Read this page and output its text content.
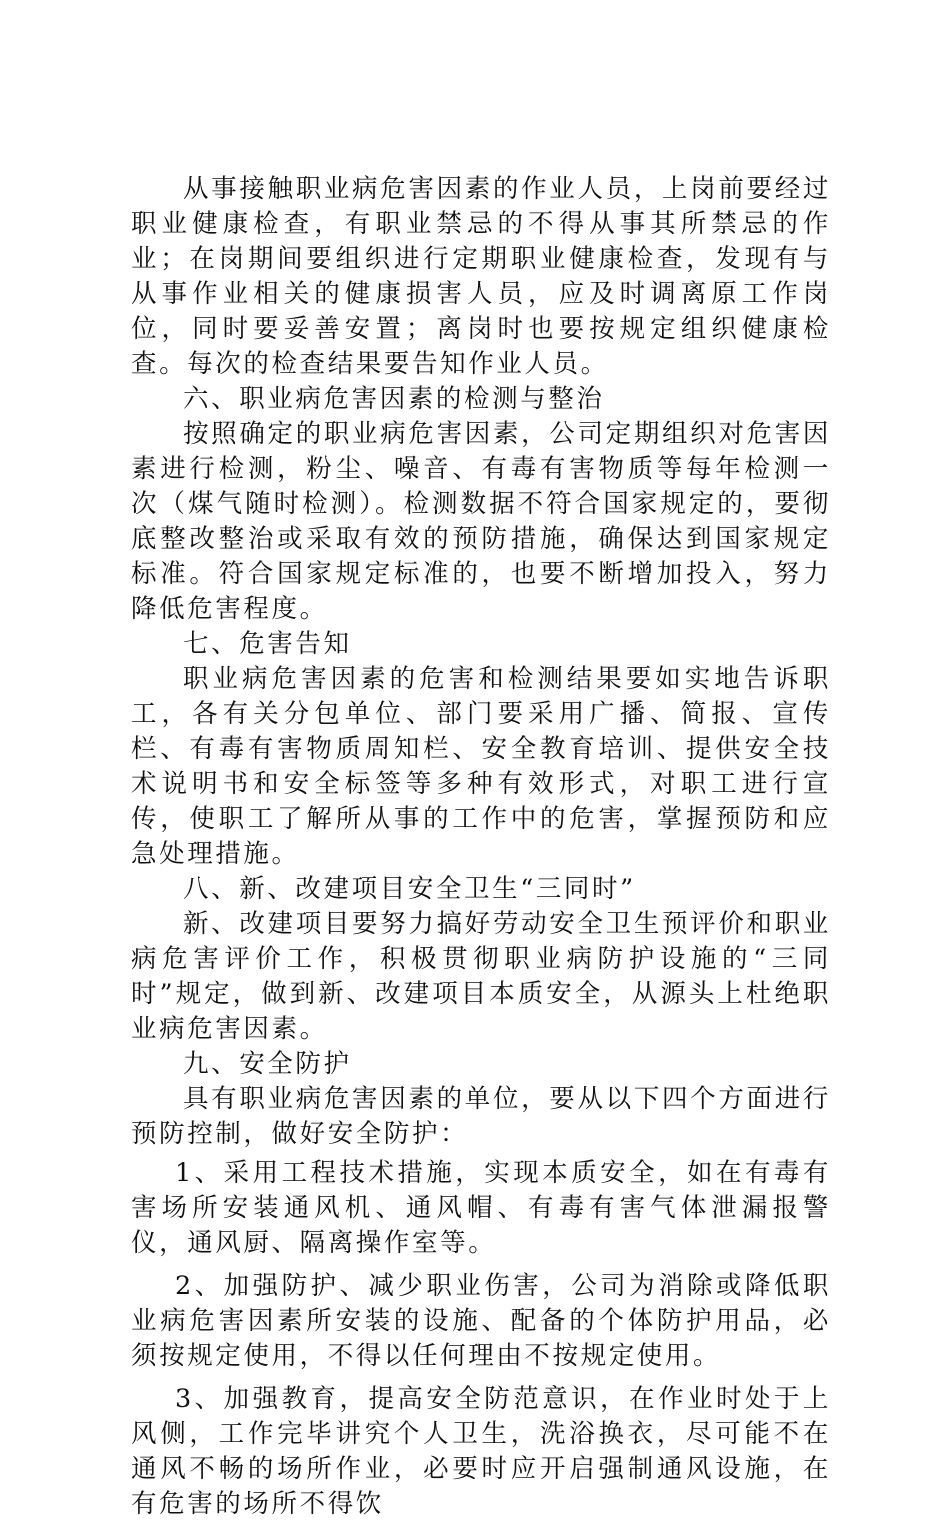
从事接触职业病危害因素的作业人员，上岗前要经过职业健康检查，有职业禁忌的不得从事其所禁忌的作业；在岗期间要组织进行定期职业健康检查，发现有与从事作业相关的健康损害人员，应及时调离原工作岗位，同时要妥善安置；离岗时也要按规定组织健康检查。每次的检查结果要告知作业人员。

六、职业病危害因素的检测与整治

按照确定的职业病危害因素，公司定期组织对危害因素进行检测，粉尘、噪音、有毒有害物质等每年检测一次（煤气随时检测）。检测数据不符合国家规定的，要彻底整改整治或采取有效的预防措施，确保达到国家规定标准。符合国家规定标准的，也要不断增加投入，努力降低危害程度。

七、危害告知

职业病危害因素的危害和检测结果要如实地告诉职工，各有关分包单位、部门要采用广播、简报、宣传栏、有毒有害物质周知栏、安全教育培训、提供安全技术说明书和安全标签等多种有效形式，对职工进行宣传，使职工了解所从事的工作中的危害，掌握预防和应急处理措施。

八、新、改建项目安全卫生“三同时”

新、改建项目要努力搞好劳动安全卫生预评价和职业病危害评价工作，积极贯彻职业病防护设施的“三同时”规定，做到新、改建项目本质安全，从源头上杜绝职业病危害因素。

九、安全防护

具有职业病危害因素的单位，要从以下四个方面进行预防控制，做好安全防护：

1、采用工程技术措施，实现本质安全，如在有毒有害场所安装通风机、通风帽、有毒有害气体泄漏报警仪，通风厨、隔离操作室等。

2、加强防护、减少职业伤害，公司为消除或降低职业病危害因素所安装的设施、配备的个体防护用品，必须按规定使用，不得以任何理由不按规定使用。

3、加强教育，提高安全防范意识，在作业时处于上风侧，工作完毕讲究个人卫生，洗浴换衣，尽可能不在通风不畅的场所作业，必要时应开启强制通风设施，在有危害的场所不得饮
